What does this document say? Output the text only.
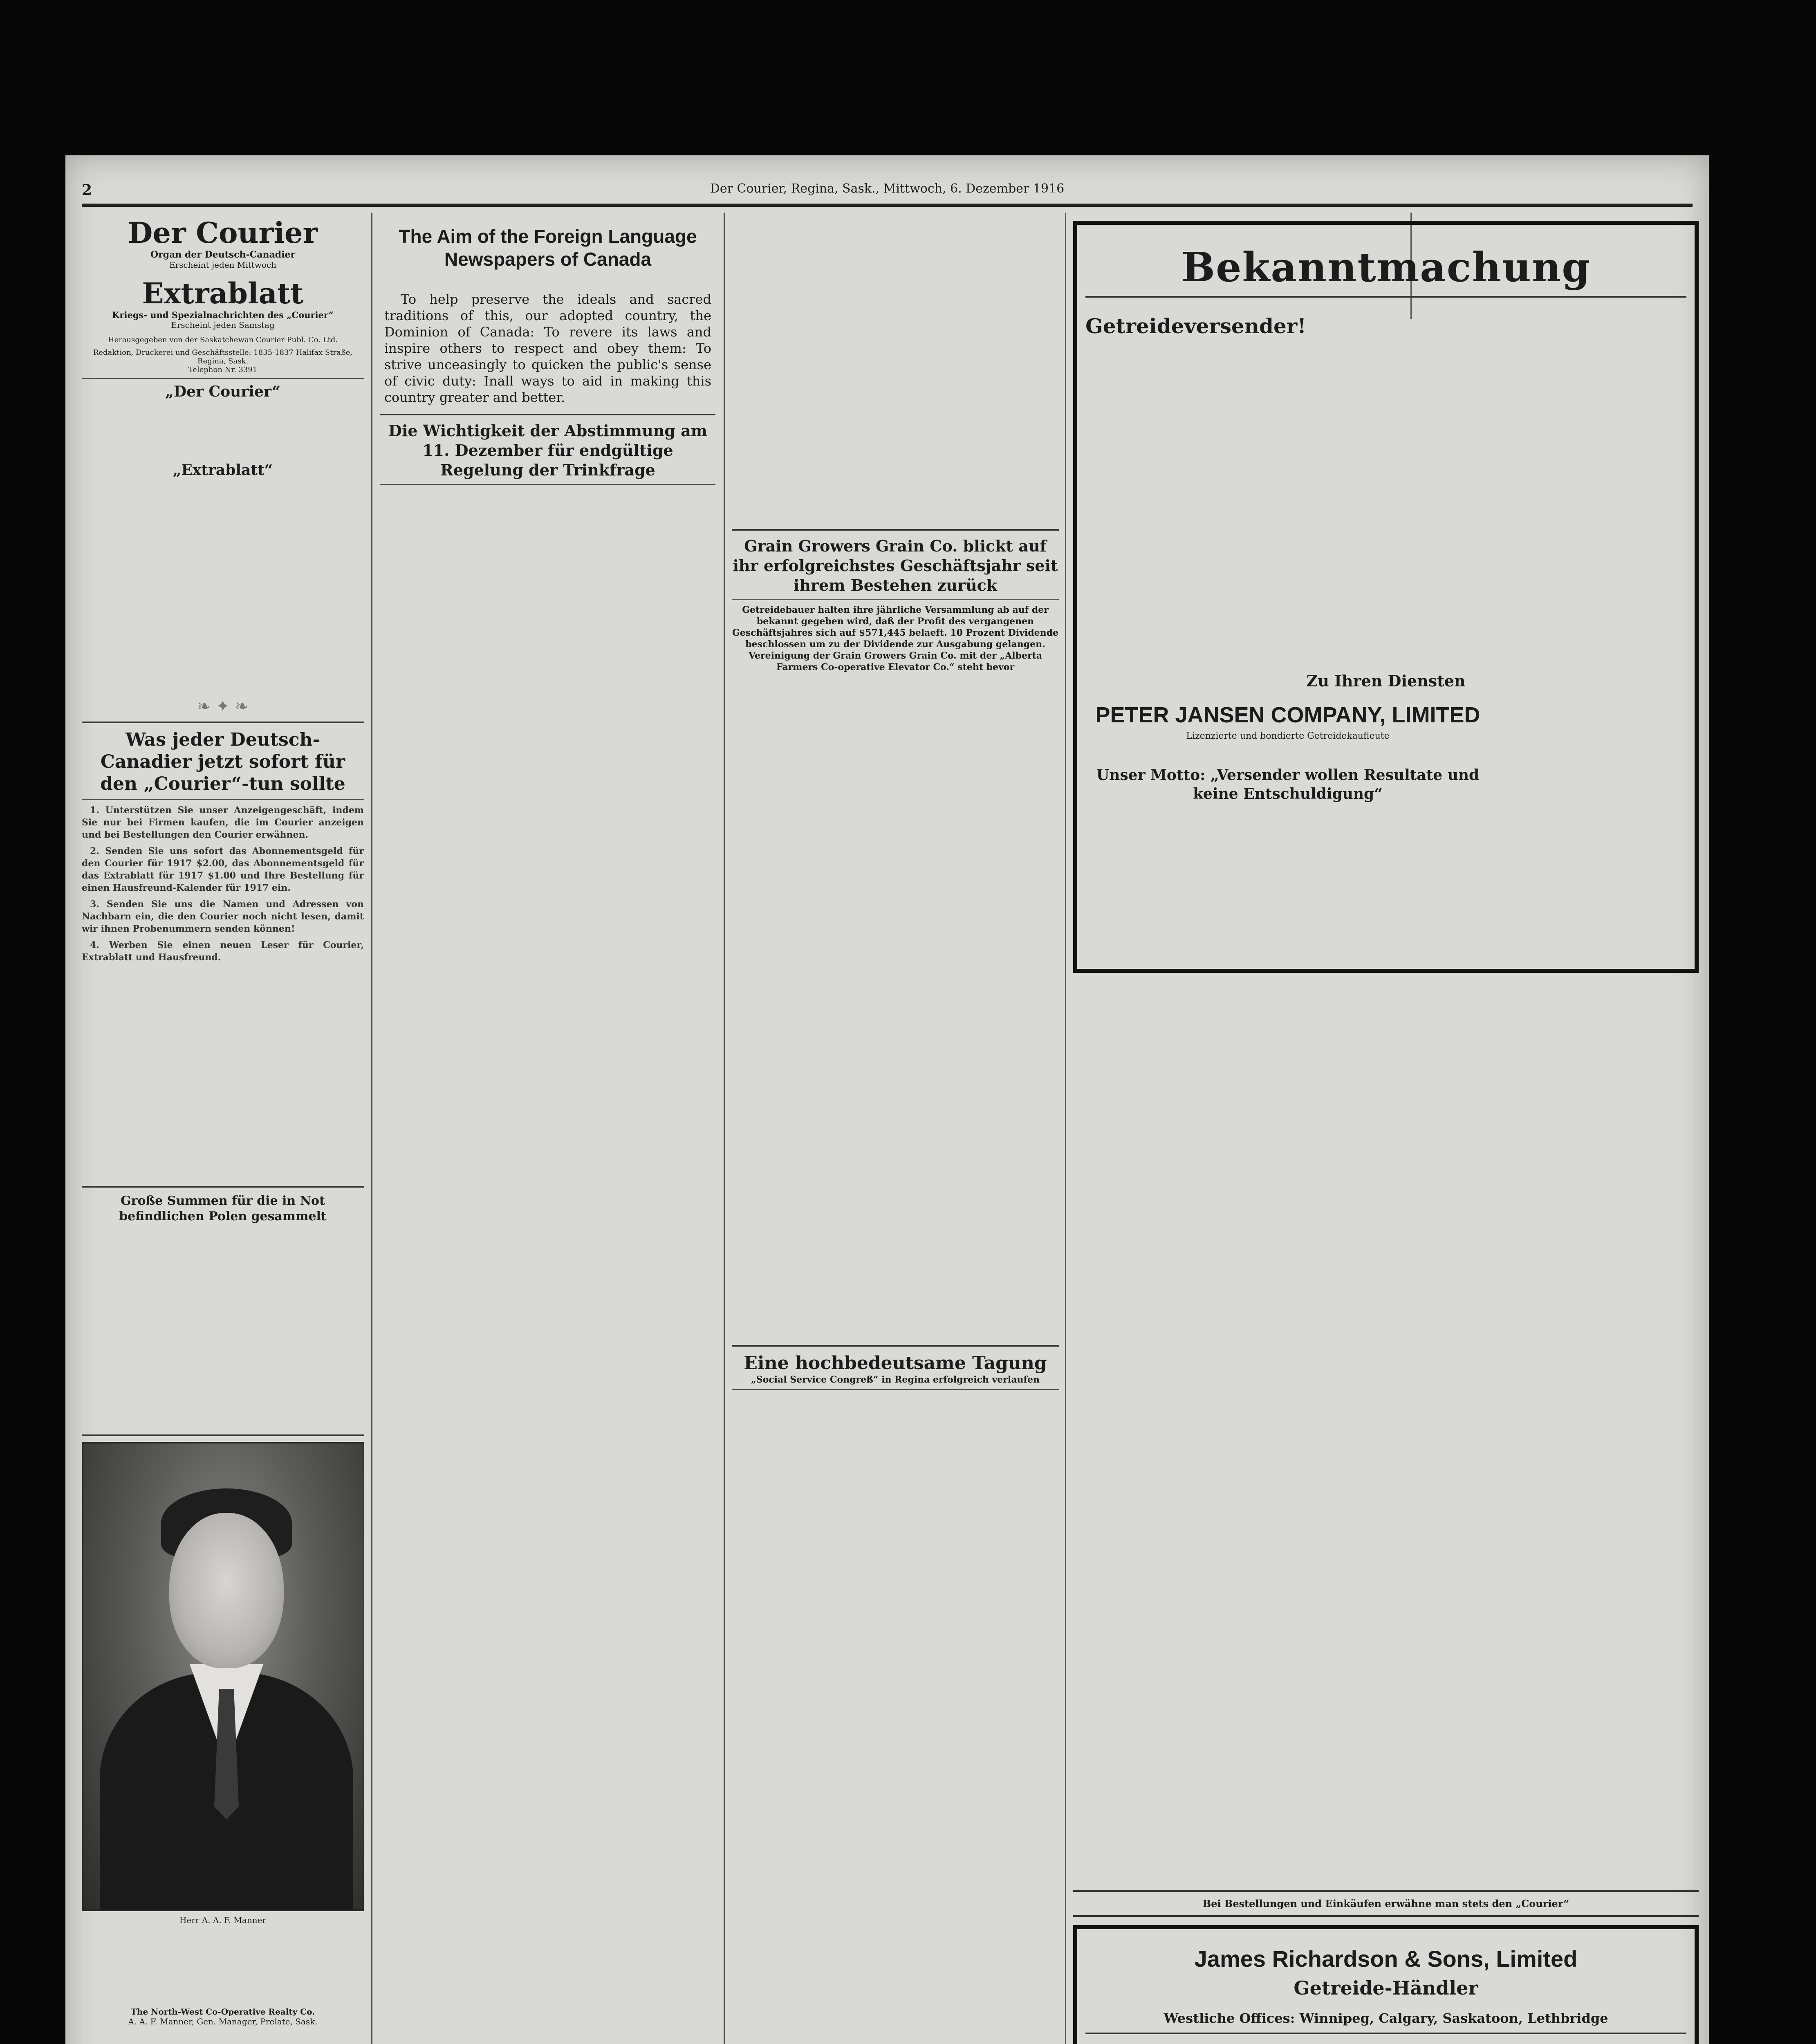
2	Der Courier, Regina, Sask., Mittwoch, 6. Dezember 1916
Der Courier
Organ der Deutsch-Canadier
Erscheint jeden Mittwoch
Extrablatt
Kriegs- und Spezialnachrichten des „Courier“
Erscheint jeden Samstag
Herausgegeben von der Saskatchewan Courier Publ. Co. Ltd.
Redaktion, Druckerei und Geschäftsstelle: 1835-1837 Halifax Straße, Regina, Sask.
Telephon Nr. 3391
„Der Courier“
„Extrablatt“
❧ ✦ ❧
Was jeder Deutsch-Canadier jetzt sofort für den „Courier“-tun sollte

1. Unterstützen Sie unser Anzeigengeschäft, indem Sie nur bei Firmen kaufen, die im Courier anzeigen und bei Bestellungen den Courier erwähnen.

2. Senden Sie uns sofort das Abonnementsgeld für den Courier für 1917 $2.00, das Abonnementsgeld für das Extrablatt für 1917 $1.00 und Ihre Bestellung für einen Hausfreund-Kalender für 1917 ein.

3. Senden Sie uns die Namen und Adressen von Nachbarn ein, die den Courier noch nicht lesen, damit wir ihnen Probenummern senden können!

4. Werben Sie einen neuen Leser für Courier, Extrablatt und Hausfreund.

Große Summen für die in Not befindlichen Polen gesammelt
Herr A. A. F. Manner
The North-West Co-Operative Realty Co.
A. A. F. Manner, Gen. Manager, Prelate, Sask.
The Aim of the Foreign Language Newspapers of Canada
To help preserve the ideals and sacred traditions of this, our adopted country, the Dominion of Canada: To revere its laws and inspire others to respect and obey them: To strive unceasingly to quicken the public's sense of civic duty: Inall ways to aid in making this country greater and better.
Die Wichtigkeit der Abstimmung am 11. Dezember für endgültige Regelung der Trinkfrage
Grain Growers Grain Co. blickt auf ihr erfolgreichstes Geschäftsjahr seit ihrem Bestehen zurück
Getreidebauer halten ihre jährliche Versammlung ab auf der bekannt gegeben wird, daß der Profit des vergangenen Geschäftsjahres sich auf $571,445 belaeft. 10 Prozent Dividende beschlossen um zu der Dividende zur Ausgabung gelangen. Vereinigung der Grain Growers Grain Co. mit der „Alberta Farmers Co-operative Elevator Co.“ steht bevor
Eine hochbedeutsame Tagung
„Social Service Congreß“ in Regina erfolgreich verlaufen
Bekanntmachung
Getreideversender!
Zu Ihren Diensten
PETER JANSEN COMPANY, LIMITED
Lizenzierte und bondierte Getreidekaufleute
Unser Motto: „Versender wollen Resultate und keine Entschuldigung“
Bei Bestellungen und Einkäufen erwähne man stets den „Courier“
James Richardson & Sons, Limited
Getreide-Händler
Westliche Offices: Winnipeg, Calgary, Saskatoon, Lethbridge
